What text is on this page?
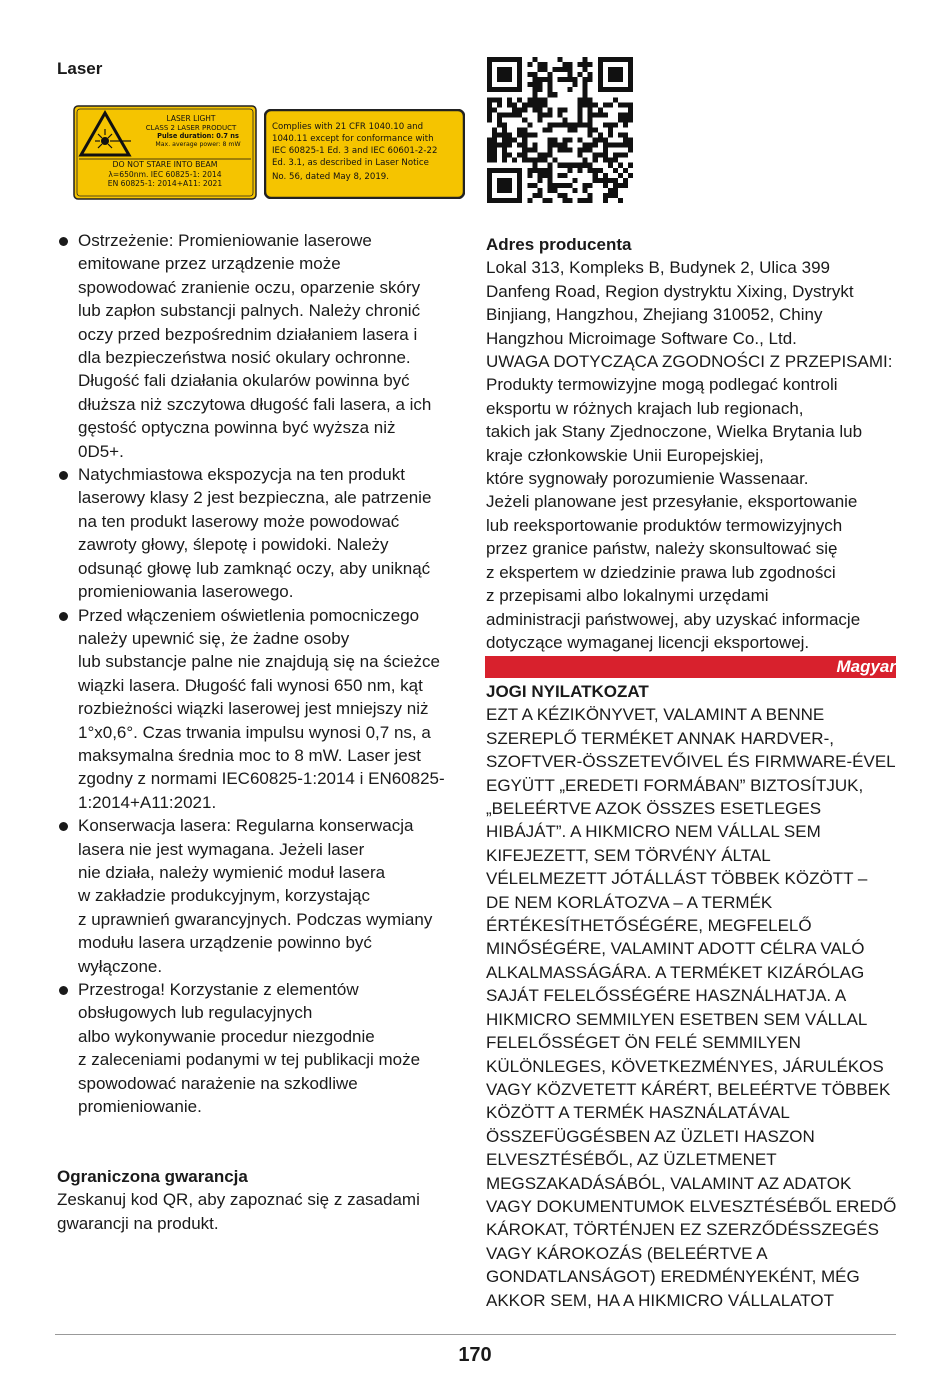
Laser
LASER LIGHT
CLASS 2 LASER PRODUCT
Pulse duration: 0.7 ns
Max. average power: 8 mW
DO NOT STARE INTO BEAM
λ=650nm. IEC 60825-1: 2014
EN 60825-1: 2014+A11: 2021
Complies with 21 CFR 1040.10 and
1040.11 except for conformance with
IEC 60825-1 Ed. 3 and IEC 60601-2-22
Ed. 3.1, as described in Laser Notice
No. 56, dated May 8, 2019.
Ostrzeżenie: Promieniowanie laserowe
emitowane przez urządzenie może
spowodować zranienie oczu, oparzenie skóry
lub zapłon substancji palnych. Należy chronić
oczy przed bezpośrednim działaniem lasera i
dla bezpieczeństwa nosić okulary ochronne.
Długość fali działania okularów powinna być
dłuższa niż szczytowa długość fali lasera, a ich
gęstość optyczna powinna być wyższa niż
0D5+.
Natychmiastowa ekspozycja na ten produkt
laserowy klasy 2 jest bezpieczna, ale patrzenie
na ten produkt laserowy może powodować
zawroty głowy, ślepotę i powidoki. Należy
odsunąć głowę lub zamknąć oczy, aby uniknąć
promieniowania laserowego.
Przed włączeniem oświetlenia pomocniczego
należy upewnić się, że żadne osoby
lub substancje palne nie znajdują się na ścieżce
wiązki lasera. Długość fali wynosi 650 nm, kąt
rozbieżności wiązki laserowej jest mniejszy niż
1°x0,6°. Czas trwania impulsu wynosi 0,7 ns, a
maksymalna średnia moc to 8 mW. Laser jest
zgodny z normami IEC60825-1:2014 i EN60825-
1:2014+A11:2021.
Konserwacja lasera: Regularna konserwacja
lasera nie jest wymagana. Jeżeli laser
nie działa, należy wymienić moduł lasera
w zakładzie produkcyjnym, korzystając
z uprawnień gwarancyjnych. Podczas wymiany
modułu lasera urządzenie powinno być
wyłączone.
Przestroga! Korzystanie z elementów
obsługowych lub regulacyjnych
albo wykonywanie procedur niezgodnie
z zaleceniami podanymi w tej publikacji może
spowodować narażenie na szkodliwe
promieniowanie.
Ograniczona gwarancja
Zeskanuj kod QR, aby zapoznać się z zasadami
gwarancji na produkt.
Adres producenta
Lokal 313, Kompleks B, Budynek 2, Ulica 399
Danfeng Road, Region dystryktu Xixing, Dystrykt
Binjiang, Hangzhou, Zhejiang 310052, Chiny
Hangzhou Microimage Software Co., Ltd.
UWAGA DOTYCZĄCA ZGODNOŚCI Z PRZEPISAMI:
Produkty termowizyjne mogą podlegać kontroli
eksportu w różnych krajach lub regionach,
takich jak Stany Zjednoczone, Wielka Brytania lub
kraje członkowskie Unii Europejskiej,
które sygnowały porozumienie Wassenaar.
Jeżeli planowane jest przesyłanie, eksportowanie
lub reeksportowanie produktów termowizyjnych
przez granice państw, należy skonsultować się
z ekspertem w dziedzinie prawa lub zgodności
z przepisami albo lokalnymi urzędami
administracji państwowej, aby uzyskać informacje
dotyczące wymaganej licencji eksportowej.
Magyar
JOGI NYILATKOZAT
EZT A KÉZIKÖNYVET, VALAMINT A BENNE
SZEREPLŐ TERMÉKET ANNAK HARDVER-,
SZOFTVER-ÖSSZETEVŐIVEL ÉS FIRMWARE-ÉVEL
EGYÜTT „EREDETI FORMÁBAN” BIZTOSÍTJUK,
„BELEÉRTVE AZOK ÖSSZES ESETLEGES
HIBÁJÁT”. A HIKMICRO NEM VÁLLAL SEM
KIFEJEZETT, SEM TÖRVÉNY ÁLTAL
VÉLELMEZETT JÓTÁLLÁST TÖBBEK KÖZÖTT –
DE NEM KORLÁTOZVA – A TERMÉK
ÉRTÉKESÍTHETŐSÉGÉRE, MEGFELELŐ
MINŐSÉGÉRE, VALAMINT ADOTT CÉLRA VALÓ
ALKALMASSÁGÁRA. A TERMÉKET KIZÁRÓLAG
SAJÁT FELELŐSSÉGÉRE HASZNÁLHATJA. A
HIKMICRO SEMMILYEN ESETBEN SEM VÁLLAL
FELELŐSSÉGET ÖN FELÉ SEMMILYEN
KÜLÖNLEGES, KÖVETKEZMÉNYES, JÁRULÉKOS
VAGY KÖZVETETT KÁRÉRT, BELEÉRTVE TÖBBEK
KÖZÖTT A TERMÉK HASZNÁLATÁVAL
ÖSSZEFÜGGÉSBEN AZ ÜZLETI HASZON
ELVESZTÉSÉBŐL, AZ ÜZLETMENET
MEGSZAKADÁSÁBÓL, VALAMINT AZ ADATOK
VAGY DOKUMENTUMOK ELVESZTÉSÉBŐL EREDŐ
KÁROKAT, TÖRTÉNJEN EZ SZERZŐDÉSSZEGÉS
VAGY KÁROKOZÁS (BELEÉRTVE A
GONDATLANSÁGOT) EREDMÉNYEKÉNT, MÉG
AKKOR SEM, HA A HIKMICRO VÁLLALATOT
170
